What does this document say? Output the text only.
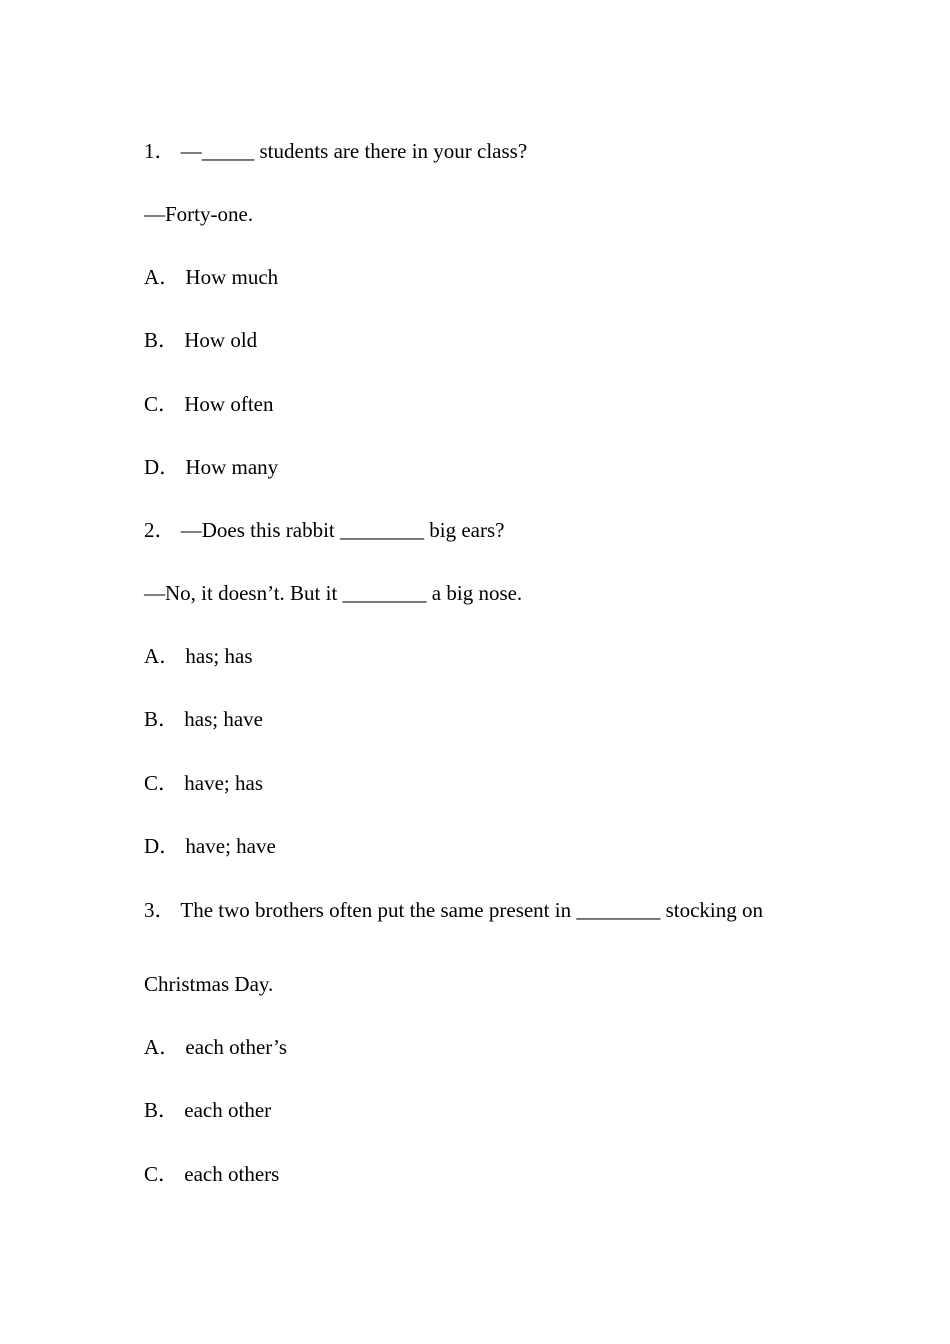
1． —_____ students are there in your class?
—Forty-one.
A． How much
B． How old
C． How often
D． How many
2． —Does this rabbit ________ big ears?
—No, it doesn’t. But it ________ a big nose.
A． has; has
B． has; have
C． have; has
D． have; have
3． The two brothers often put the same present in ________ stocking on
Christmas Day.
A． each other’s
B． each other
C． each others
